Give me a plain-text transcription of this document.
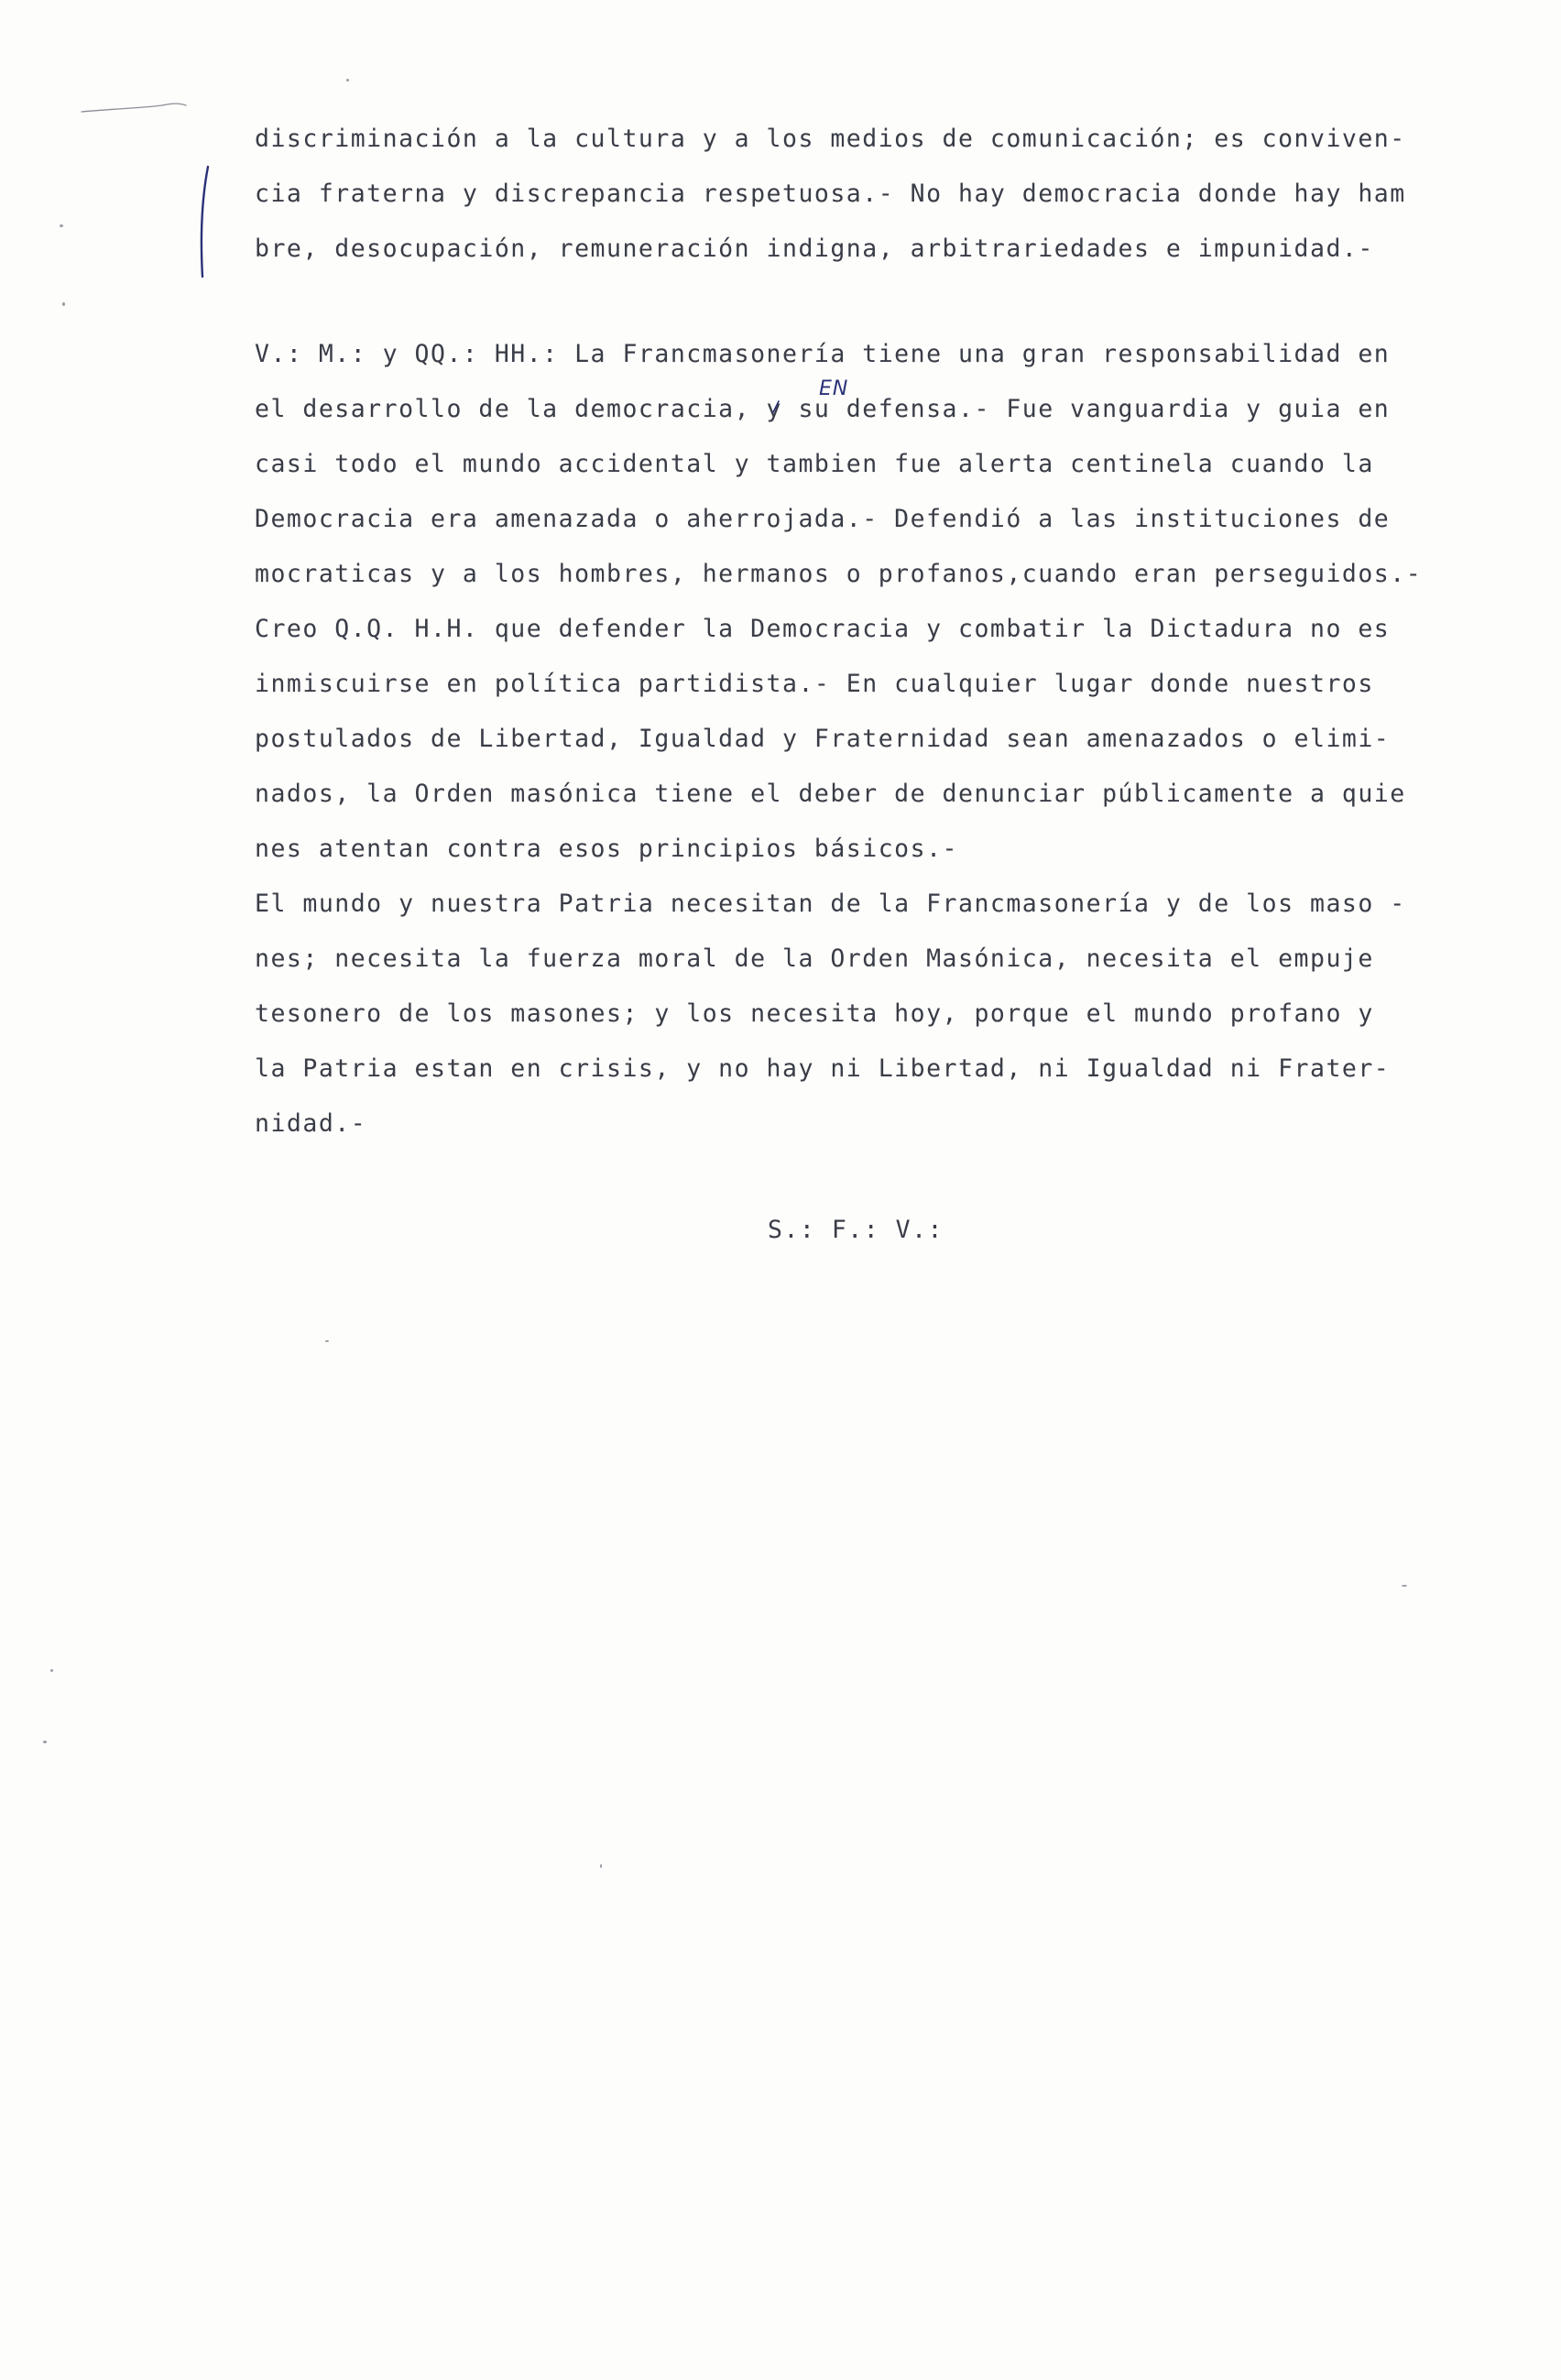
discriminación a la cultura y a los medios de comunicación; es conviven-
cia fraterna y discrepancia respetuosa.- No hay democracia donde hay ham
bre, desocupación, remuneración indigna, arbitrariedades e impunidad.-
V.: M.: y QQ.: HH.: La Francmasonería tiene una gran responsabilidad en
el desarrollo de la democracia, y su defensa.- Fue vanguardia y guia en
casi todo el mundo accidental y tambien fue alerta centinela cuando la
Democracia era amenazada o aherrojada.- Defendió a las instituciones de
mocraticas y a los hombres, hermanos o profanos,cuando eran perseguidos.-
Creo Q.Q. H.H. que defender la Democracia y combatir la Dictadura no es
inmiscuirse en política partidista.- En cualquier lugar donde nuestros
postulados de Libertad, Igualdad y Fraternidad sean amenazados o elimi-
nados, la Orden masónica tiene el deber de denunciar públicamente a quie
nes atentan contra esos principios básicos.-
El mundo y nuestra Patria necesitan de la Francmasonería y de los maso -
nes; necesita la fuerza moral de la Orden Masónica, necesita el empuje
tesonero de los masones; y los necesita hoy, porque el mundo profano y
la Patria estan en crisis, y no hay ni Libertad, ni Igualdad ni Frater-
nidad.-
S.: F.: V.:
EN
